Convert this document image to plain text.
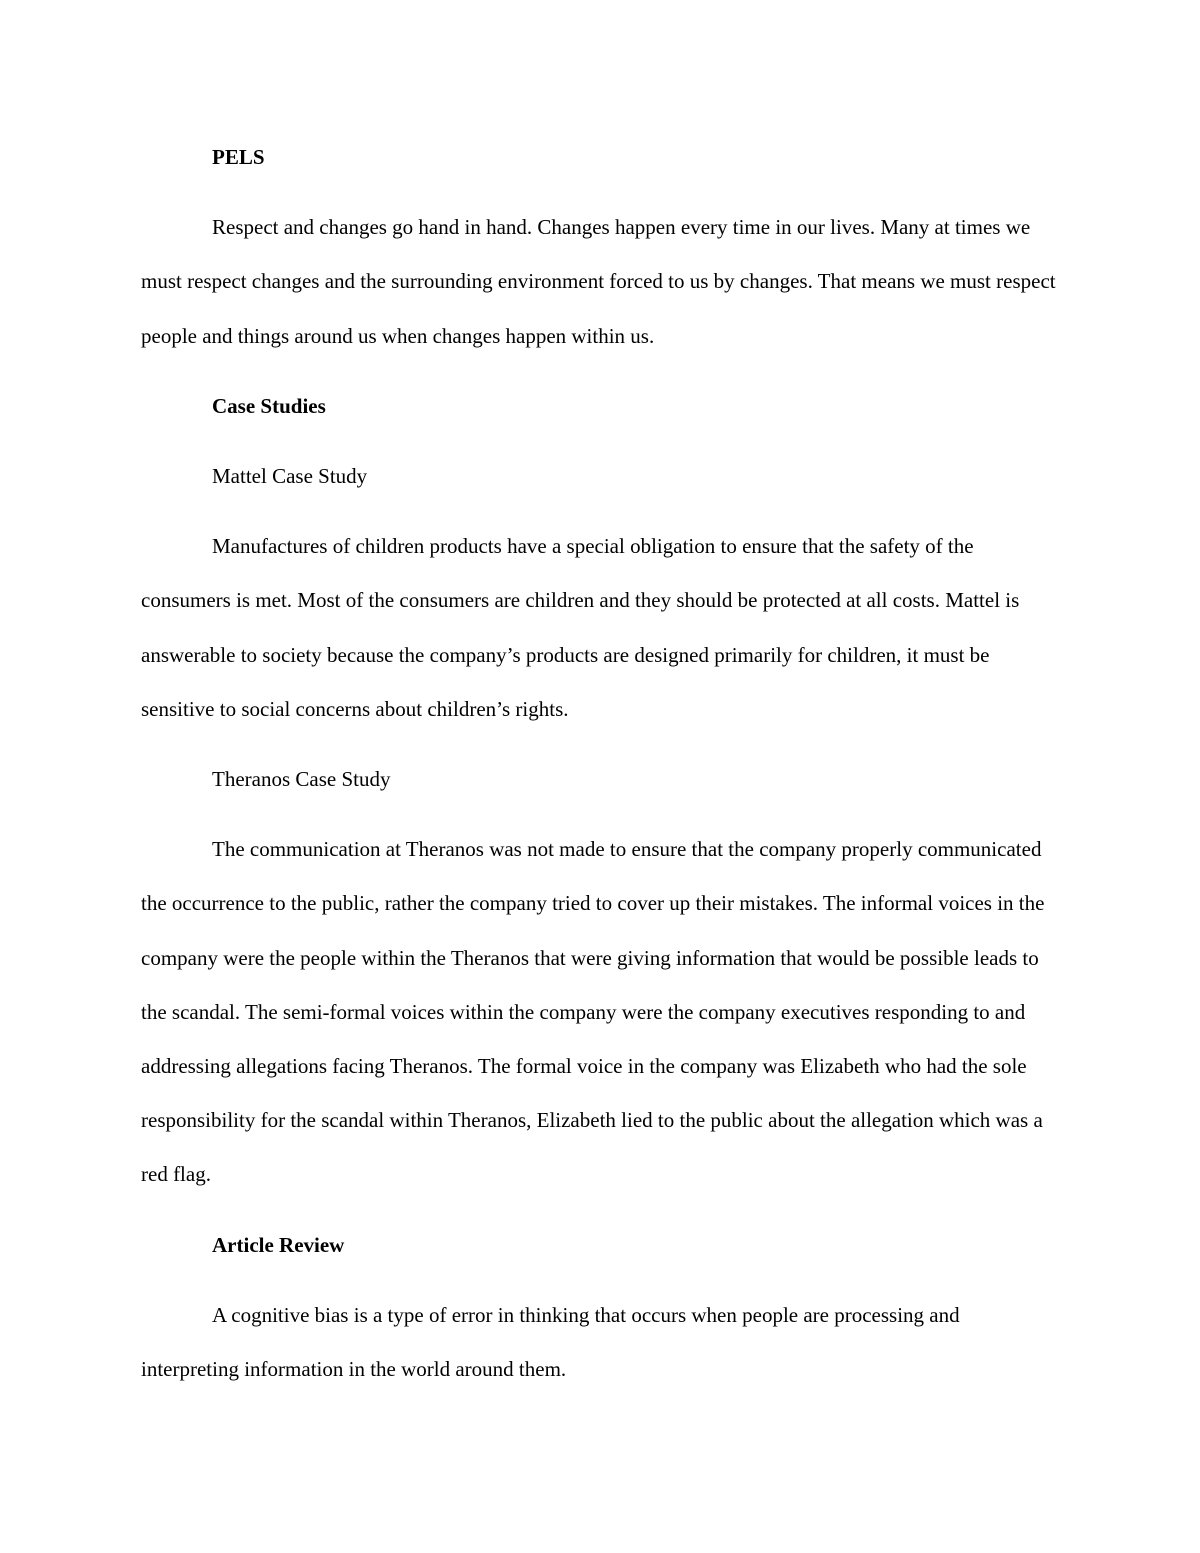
PELS

Respect and changes go hand in hand. Changes happen every time in our lives. Many at times we must respect changes and the surrounding environment forced to us by changes. That means we must respect people and things around us when changes happen within us.

Case Studies

Mattel Case Study

Manufactures of children products have a special obligation to ensure that the safety of the consumers is met. Most of the consumers are children and they should be protected at all costs. Mattel is answerable to society because the company’s products are designed primarily for children, it must be sensitive to social concerns about children’s rights.

Theranos Case Study

The communication at Theranos was not made to ensure that the company properly communicated the occurrence to the public, rather the company tried to cover up their mistakes. The informal voices in the company were the people within the Theranos that were giving information that would be possible leads to the scandal. The semi-formal voices within the company were the company executives responding to and addressing allegations facing Theranos. The formal voice in the company was Elizabeth who had the sole responsibility for the scandal within Theranos, Elizabeth lied to the public about the allegation which was a red flag.

Article Review

A cognitive bias is a type of error in thinking that occurs when people are processing and interpreting information in the world around them.
